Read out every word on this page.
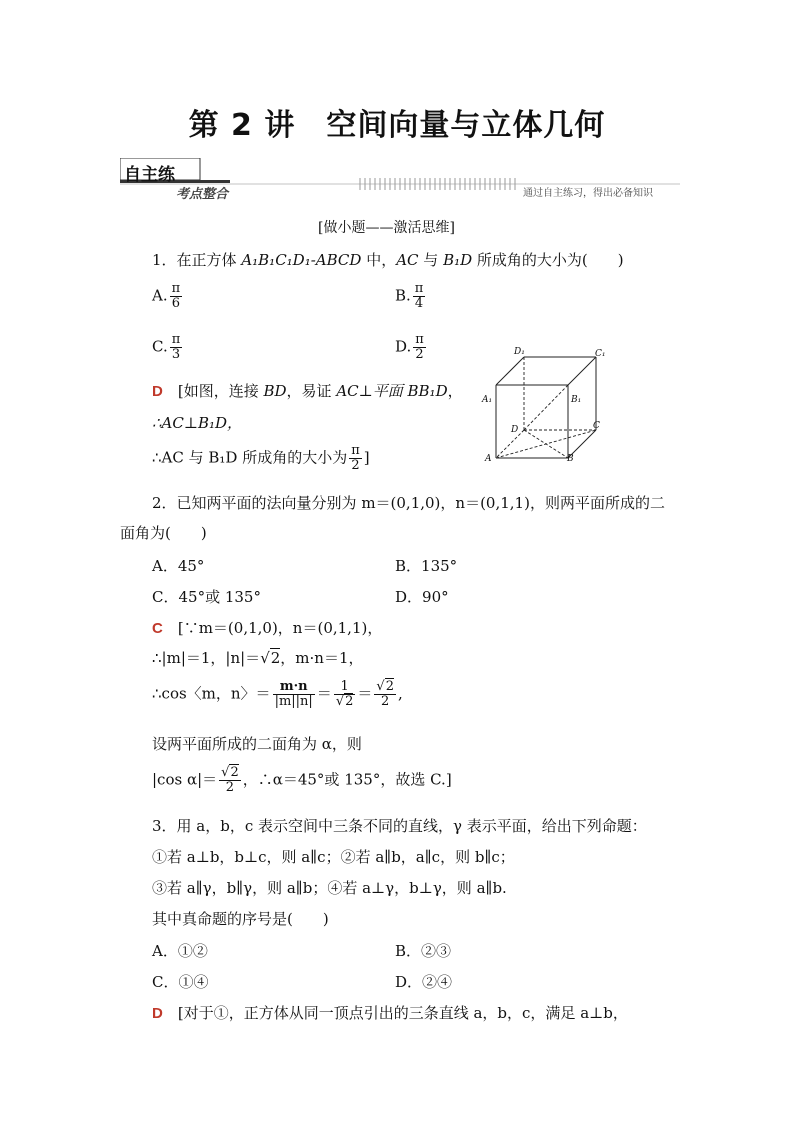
第 2 讲　空间向量与立体几何
自主练
考点整合	通过自主练习，得出必备知识
[做小题——激活思维]
1．在正方体 A₁B₁C₁D₁-ABCD 中，AC 与 B₁D 所成角的大小为(　　)
A. $\frac{\pi}{6}$	B. $\frac{\pi}{4}$
C. $\frac{\pi}{3}$	D. $\frac{\pi}{2}$
D　 [如图，连接 BD，易证 AC⊥平面 BB₁D，
∴AC⊥B₁D，
∴AC 与 B₁D 所成角的大小为 $\frac{\pi}{2}$ ]
D₁	C₁
A₁	B₁
D	C
A	B
2．已知两平面的法向量分别为 m＝(0,1,0)，n＝(0,1,1)，则两平面所成的二
面角为(　　)
A．45°	B．135°
C．45°或 135°	D．90°
C　 [∵m＝(0,1,0)，n＝(0,1,1)，
∴|m|＝1，|n|＝√2，m·n＝1，
∴cos〈m，n〉＝ $\frac{m\cdot n}{|m||n|} = \frac{1}{√2} = \frac{√2}{2}$ ,
设两平面所成的二面角为 α，则
|cos $\alpha|= \frac{√2}{2}$ ，∴α＝45°或 135°，故选 C.]
3．用 a，b，c 表示空间中三条不同的直线，γ 表示平面，给出下列命题：
①若 a⊥b，b⊥c，则 a∥c；②若 a∥b，a∥c，则 b∥c；
③若 a∥γ，b∥γ，则 a∥b；④若 a⊥γ，b⊥γ，则 a∥b.
其中真命题的序号是(　　)
A．①②	B．②③
C．①④	D．②④
D　 [对于①，正方体从同一顶点引出的三条直线 a，b，c，满足 a⊥b，
